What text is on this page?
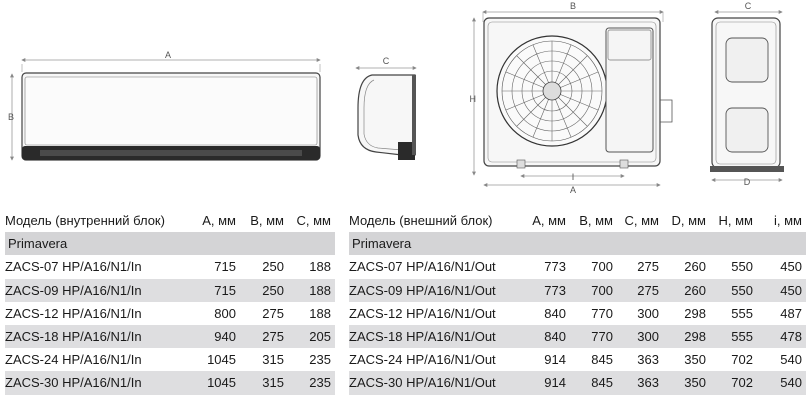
A
B
C
B
H
I
A
C
D
Модель (внутренний блок)	A, мм	B, мм	C, мм
Primavera			
ZACS-07 HP/A16/N1/In	715	250	188
ZACS-09 HP/A16/N1/In	715	250	188
ZACS-12 HP/A16/N1/In	800	275	188
ZACS-18 HP/A16/N1/In	940	275	205
ZACS-24 HP/A16/N1/In	1045	315	235
ZACS-30 HP/A16/N1/In	1045	315	235
Модель (внешний блок)	A, мм	B, мм	C, мм	D, мм	H, мм	i, мм
Primavera						
ZACS-07 HP/A16/N1/Out	773	700	275	260	550	450
ZACS-09 HP/A16/N1/Out	773	700	275	260	550	450
ZACS-12 HP/A16/N1/Out	840	770	300	298	555	487
ZACS-18 HP/A16/N1/Out	840	770	300	298	555	478
ZACS-24 HP/A16/N1/Out	914	845	363	350	702	540
ZACS-30 HP/A16/N1/Out	914	845	363	350	702	540
